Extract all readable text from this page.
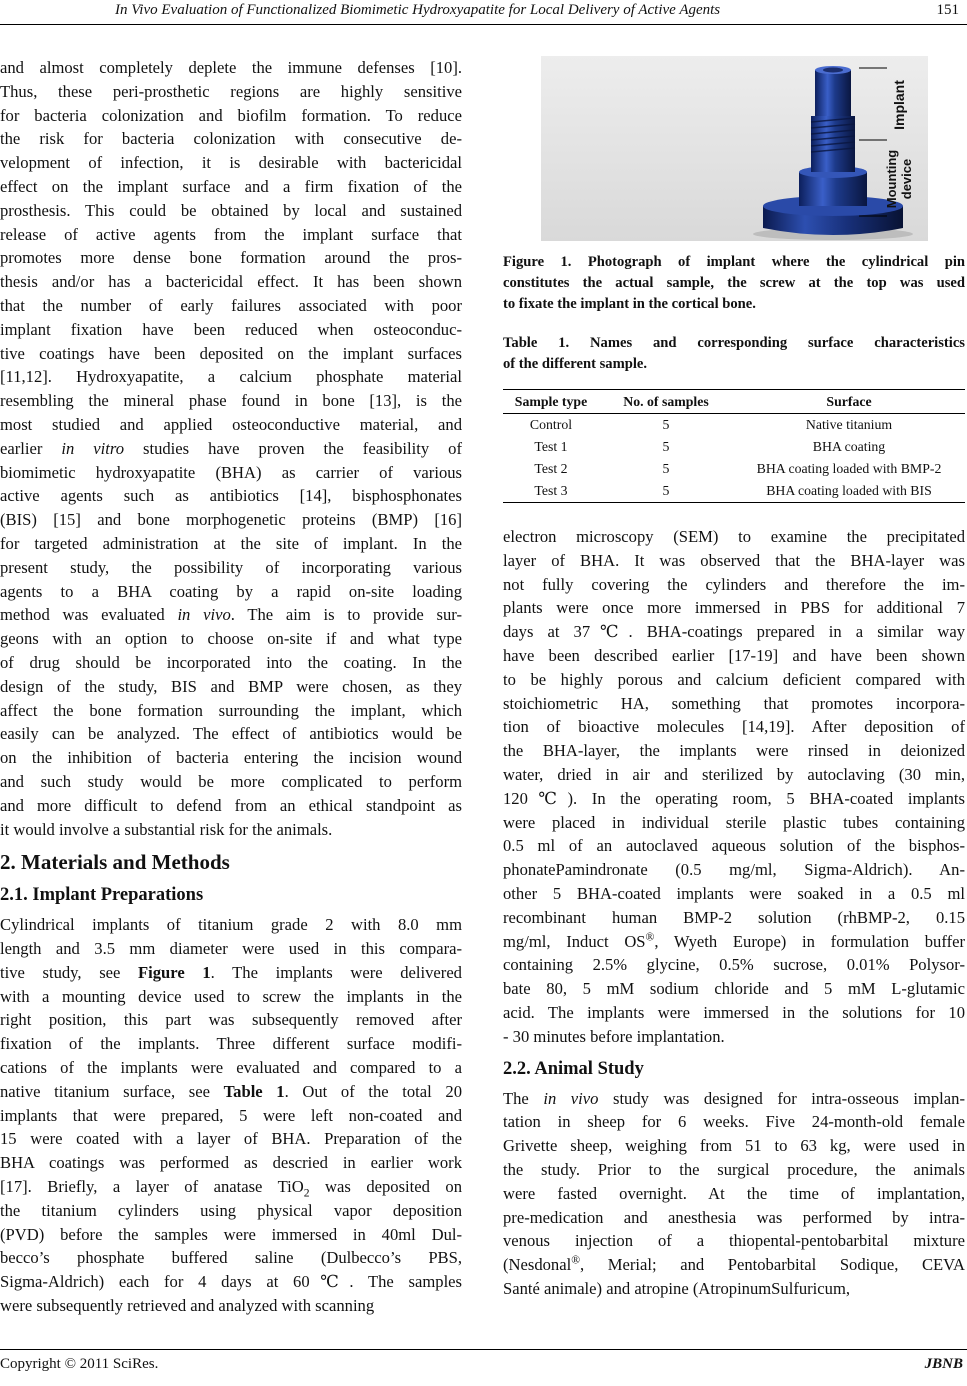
In Vivo Evaluation of Functionalized Biomimetic Hydroxyapatite for Local Delivery of Active Agents	151
and almost completely deplete the immune defenses [10].
Thus, these peri-prosthetic regions are highly sensitive
for bacteria colonization and biofilm formation. To reduce
the risk for bacteria colonization with consecutive de-
velopment of infection, it is desirable with bactericidal
effect on the implant surface and a firm fixation of the
prosthesis. This could be obtained by local and sustained
release of active agents from the implant surface that
promotes more dense bone formation around the pros-
thesis and/or has a bactericidal effect. It has been shown
that the number of early failures associated with poor
implant fixation have been reduced when osteoconduc-
tive coatings have been deposited on the implant surfaces
[11,12]. Hydroxyapatite, a calcium phosphate material
resembling the mineral phase found in bone [13], is the
most studied and applied osteoconductive material, and
earlier in vitro studies have proven the feasibility of
biomimetic hydroxyapatite (BHA) as carrier of various
active agents such as antibiotics [14], bisphosphonates
(BIS) [15] and bone morphogenetic proteins (BMP) [16]
for targeted administration at the site of implant. In the
present study, the possibility of incorporating various
agents to a BHA coating by a rapid on-site loading
method was evaluated in vivo. The aim is to provide sur-
geons with an option to choose on-site if and what type
of drug should be incorporated into the coating. In the
design of the study, BIS and BMP were chosen, as they
affect the bone formation surrounding the implant, which
easily can be analyzed. The effect of antibiotics would be
on the inhibition of bacteria entering the incision wound
and such study would be more complicated to perform
and more difficult to defend from an ethical standpoint as
it would involve a substantial risk for the animals.
2. Materials and Methods
2.1. Implant Preparations
Cylindrical implants of titanium grade 2 with 8.0 mm
length and 3.5 mm diameter were used in this compara-
tive study, see Figure 1. The implants were delivered
with a mounting device used to screw the implants in the
right position, this part was subsequently removed after
fixation of the implants. Three different surface modifi-
cations of the implants were evaluated and compared to a
native titanium surface, see Table 1. Out of the total 20
implants that were prepared, 5 were left non-coated and
15 were coated with a layer of BHA. Preparation of the
BHA coatings was performed as descried in earlier work
[17]. Briefly, a layer of anatase TiO$_2$ was deposited on
the titanium cylinders using physical vapor deposition
(PVD) before the samples were immersed in 40ml Dul-
becco’s phosphate buffered saline (Dulbecco’s PBS,
Sigma-Aldrich) each for 4 days at 60℃. The samples
were subsequently retrieved and analyzed with scanning
Implant
Mounting device
Figure 1. Photograph of implant where the cylindrical pin
constitutes the actual sample, the screw at the top was used
to fixate the implant in the cortical bone.
Table 1. Names and corresponding surface characteristics
of the different sample.
Sample type	No. of samples	Surface
Control	5	Native titanium
Test 1	5	BHA coating
Test 2	5	BHA coating loaded with BMP-2
Test 3	5	BHA coating loaded with BIS
electron microscopy (SEM) to examine the precipitated
layer of BHA. It was observed that the BHA-layer was
not fully covering the cylinders and therefore the im-
plants were once more immersed in PBS for additional 7
days at 37℃. BHA-coatings prepared in a similar way
have been described earlier [17-19] and have been shown
to be highly porous and calcium deficient compared with
stoichiometric HA, something that promotes incorpora-
tion of bioactive molecules [14,19]. After deposition of
the BHA-layer, the implants were rinsed in deionized
water, dried in air and sterilized by autoclaving (30 min,
120℃). In the operating room, 5 BHA-coated implants
were placed in individual sterile plastic tubes containing
0.5 ml of an autoclaved aqueous solution of the bisphos-
phonatePamindronate (0.5 mg/ml, Sigma-Aldrich). An-
other 5 BHA-coated implants were soaked in a 0.5 ml
recombinant human BMP-2 solution (rhBMP-2, 0.15
mg/ml, Induct OS®, Wyeth Europe) in formulation buffer
containing 2.5% glycine, 0.5% sucrose, 0.01% Polysor-
bate 80, 5 mM sodium chloride and 5 mM L-glutamic
acid. The implants were immersed in the solutions for 10
- 30 minutes before implantation.
2.2. Animal Study
The in vivo study was designed for intra-osseous implan-
tation in sheep for 6 weeks. Five 24-month-old female
Grivette sheep, weighing from 51 to 63 kg, were used in
the study. Prior to the surgical procedure, the animals
were fasted overnight. At the time of implantation,
pre-medication and anesthesia was performed by intra-
venous injection of a thiopental-pentobarbital mixture
(Nesdonal®, Merial; and Pentobarbital Sodique, CEVA
Santé animale) and atropine (AtropinumSulfuricum,
Copyright © 2011 SciRes.	JBNB
